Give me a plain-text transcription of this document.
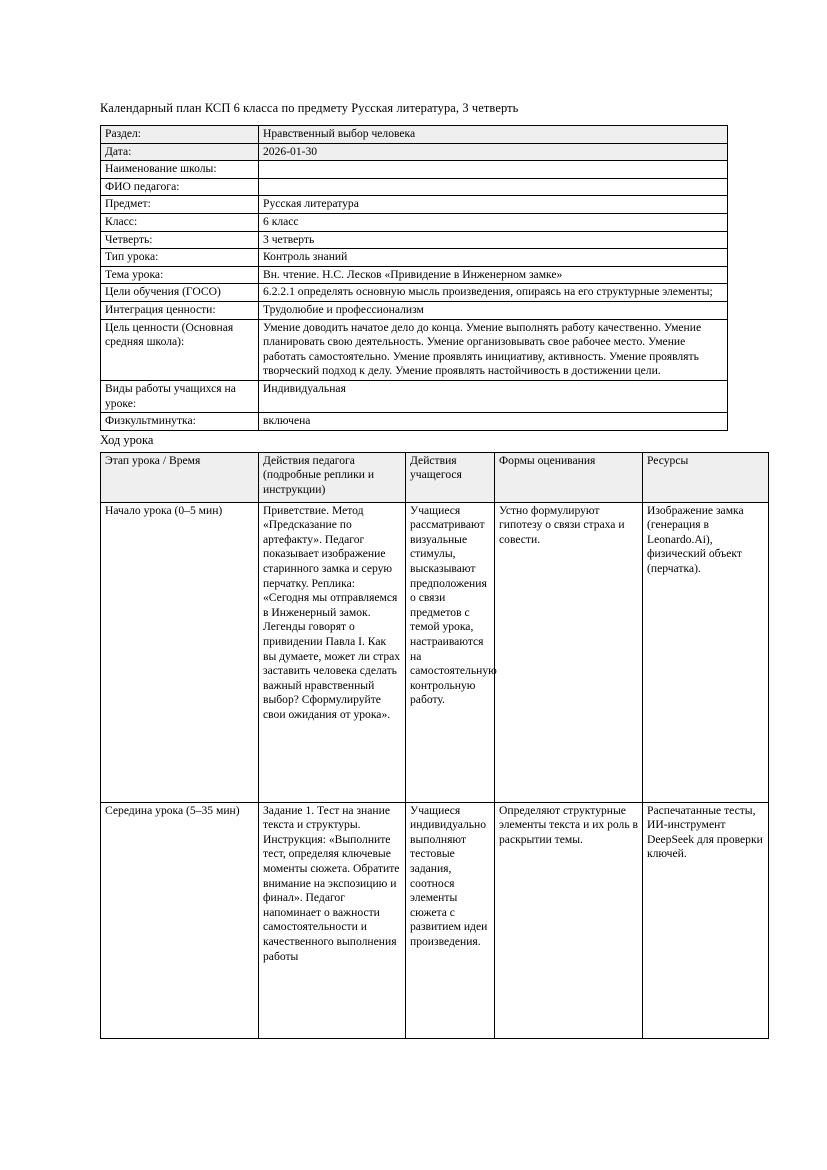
Календарный план КСП 6 класса по предмету Русская литература, 3 четверть

Раздел:	Нравственный выбор человека
Дата:	2026-01-30
Наименование школы:	
ФИО педагога:	
Предмет:	Русская литература
Класс:	6 класс
Четверть:	3 четверть
Тип урока:	Контроль знаний
Тема урока:	Вн. чтение. Н.С. Лесков «Привидение в Инженерном замке»
Цели обучения (ГОСО)	6.2.2.1 определять основную мысль произведения, опираясь на его структурные элементы;
Интеграция ценности:	Трудолюбие и профессионализм
Цель ценности (Основная средняя школа):	Умение доводить начатое дело до конца. Умение выполнять работу качественно. Умение планировать свою деятельность. Умение организовывать свое рабочее место. Умение работать самостоятельно. Умение проявлять инициативу, активность. Умение проявлять творческий подход к делу. Умение проявлять настойчивость в достижении цели.
Виды работы учащихся на уроке:	Индивидуальная
Физкультминутка:	включена

Ход урока

Этап урока / Время	Действия педагога (подробные реплики и инструкции)	Действия учащегося	Формы оценивания	Ресурсы
Начало урока (0–5 мин)	Приветствие. Метод «Предсказание по артефакту». Педагог показывает изображение старинного замка и серую перчатку. Реплика: «Сегодня мы отправляемся в Инженерный замок. Легенды говорят о привидении Павла I. Как вы думаете, может ли страх заставить человека сделать важный нравственный выбор? Сформулируйте свои ожидания от урока».	Учащиеся рассматривают визуальные стимулы, высказывают предположения о связи предметов с темой урока, настраиваются на самостоятельную контрольную работу.	Устно формулируют гипотезу о связи страха и совести.	Изображение замка (генерация в Leonardo.Ai), физический объект (перчатка).
Середина урока (5–35 мин)	Задание 1. Тест на знание текста и структуры. Инструкция: «Выполните тест, определяя ключевые моменты сюжета. Обратите внимание на экспозицию и финал». Педагог напоминает о важности самостоятельности и качественного выполнения работы	Учащиеся индивидуально выполняют тестовые задания, соотнося элементы сюжета с развитием идеи произведения.	Определяют структурные элементы текста и их роль в раскрытии темы.	Распечатанные тесты, ИИ-инструмент DeepSeek для проверки ключей.
